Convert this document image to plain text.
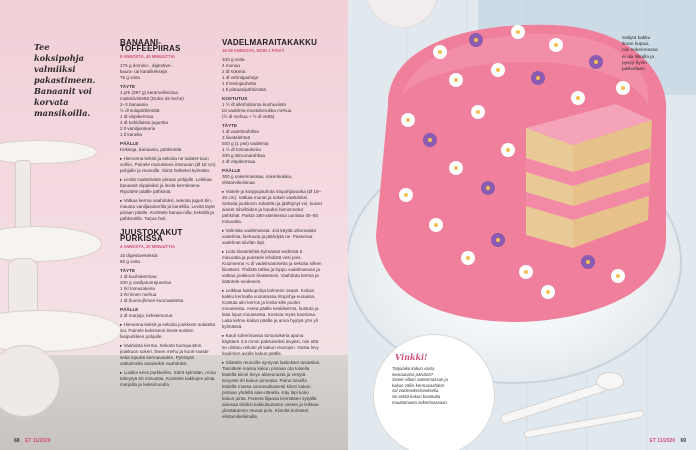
Tee koksipohja
valmiiksi
pakastimeen.
Banaanit voi
korvata mansikoilla.
BANAANI-TOFFEEPIIRAS
8 ANNOSTA, 40 MINUUTTIA
175 g domino-, digestive-,
kaura- tai karalikeksejä
75 g voita
TÄYTE
1 prk (397 g) karamellisoitua
maitotiivistettä (Dulce de leche)
2–3 banaania
½ dl sulapähkinöitä
1 dl vispikermaa
2 dl turkkilaista jogurttia
2 tl vaniljasokeria
1 tl kanelia
PÄÄLLE
Kekseja, banaania, pähkinöitä
▸ Hienonna keksit ja sekoita ne sulatet-tuun voihin. Painele murusseos irtovuoan (Ø 18 cm) pohjalle ja reunoille. Siirrä hetkeksi kylmään.
▸ Levitä maitotiiviste piiraan pohjalle. Leikkaa banaanit viipaleiksi ja levitä kerroksena. Ripottele päälle pähkinät.
▸ Vatkaa kerma vaahdoksi, sekoita jogurt-tiin, mausta vaniljasokerilla ja kanelilla. Levitä täyte piiraan päälle. Koristele banaa-nilla, keksillä ja pähkinöillä. Tarjoa heti.
JUUSTOKAKUT PURKISSA
4 ANNOSTA, 30 MINUUTTIA
10 digestivekeksiä
50 g voita
TÄYTE
1 dl kuohukermaa
200 g vaniljatuorejuustoa
1 rkl tomusokeria
3 rkl limen mehua
1 dl (luomu)limen kuorraastetta
PÄÄLLE
2 dl marjoja, kekseimurua
▸ Hienonna keksit ja sekoita joukkoon sulatettu voi. Painele keksiseos leveä-suisten lasipurkkien pohjalle.
▸ Vaahdota kerma. Sekoita tuorejuuston joukkoon sokeri, limen mehu ja kuori-raaste sekä lopuksi kermavaahto. Pyöräytä vatkaimella tasaiseksi vaahdoksi.
▸ Lusikoi seos purkkeihin. Siirrä kylmään. Anna tekeytyä 60 minuuttia. Koristele kakkujen pinta marjoilla ja keksimurulla.
VADELMARAITAKAKKU
16-18 ANNOSTA, NOIN 1 PÄIVÄ
100 g voita
4 munaa
2 dl sokeria
1 dl vehnäjauhoja
1 tl leivinjauhetta
1 tl pistaasipähkinöitä
KOSTUTUS
1 ½ dl alkoholitonta kuohuviiniä
tai vadelma-mustaherukka mehua
(½ dl mehua + ½ dl vettä)
TÄYTE
1 dl vadelmahilloa
3 liivatelehteä
500 g (1 pss) vadelmia
1 ½ dl tomusokeria
200 g sitruunarahkaa
2 dl vispikermaa
PÄÄLLE
300 g sokerimassaa, sokerikukkia,
elintarvikeliimaa
▸ Voitele ja korppujauhota irtopohjavuoka (Ø 18–20 cm). Vatkaa munat ja sokeri vaahdoksi. Sekoita joukkoon sulatettu ja jäähtynyt voi, kuivat aineet sihvilöiden ja lopuksi hienonnetut pähkinät. Paista 180-asteisessa uunissa 40–50 minuuttia.
▸ Valmista vadelmarata. Jos käytät ulkomaista vadelmia, kiehauta ja jäähdytä ne. Paseeraa vadelmat siivilän läpi.
▸ Liota liivatelehtiä kylmässä vedessä 5 minuuttia ja puristele lehdistä vesi pois. Kuumenna ¼ dl vadelmasosetta ja sekoita siihen liivatteet. Yhdistä rahka ja loppu vadelmasose ja vatkaa joukkoon liivateseos. Vaahdota kerma ja kääntele seokseen.
▸ Leikkaa kakkupohja kolmeen osaan. Kokoa kakku kermalla vuoratussa irtopohja-vuoassa. Kostuta alin kerros ja levitä sille puolet moussesta. Aseta päälle keskikerros, kostuta ja laita loput moussesta. Kostuta myös kansiosa. Laita kelmu kakun päälle ja anna hyytyä yön yli kylmässä.
▸ KaulI sokerimassa tomusokeria apuna käyttäen 2,5 mmin paksuiseksi levyksi, niin että se ulottuu reilusti yli kakun reunojen. Nosta levy kaulimen avulla kakun päälle.
▸ Silottele reunoille syntyvät laskokset tasaisiksi. Tasoittele massa kakun pintaan ota toisella kädellä kiinni levyn alareunasta ja venytä kevyesti irti kakun pinnasta. Paina toisella kädellä massa samanaikaisesti kiinni kakun pintaan yhdellä alas-otteella. Käy läpi koko kakun pinta. Paineta liijaosa kiinnittäen syrjällä alaosaa tiiviiksi kakkulautasen vasten ja leikkaa ylimääräinen reunat pois. Kiinnitä koristeet elintarvikeliimalla.
68 ET 11/2020
Säilytä kakku
ilman kupua,
niin sokerimassa
ei ala liikoilla ja
pysyy hyvin
paikoillaan.
Vinkki!
Tarjoiaiko kakun vasta
seuraavana päivänä?
Sivele silloin sokerimassan ja
kakun väliin kermavaahdon
sal voidesokeriseoksella.
Se estää kakun kosteutta
muuttumasta sokerimassaan.
ET 11/2020 69
